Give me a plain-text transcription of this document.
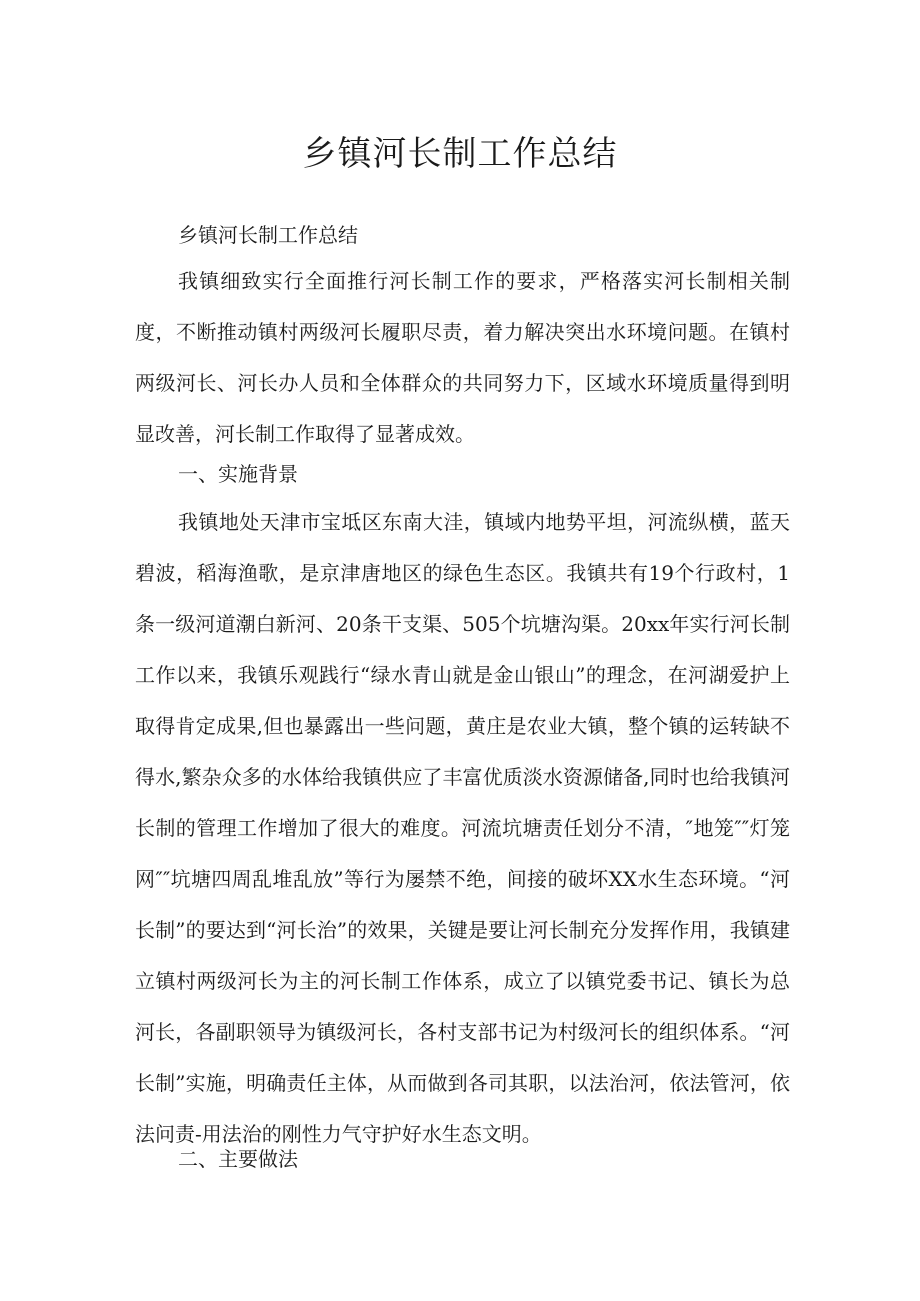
乡镇河长制工作总结

乡镇河长制工作总结

我镇细致实行全面推行河长制工作的要求，严格落实河长制相关制度，不断推动镇村两级河长履职尽责，着力解决突出水环境问题。在镇村两级河长、河长办人员和全体群众的共同努力下，区域水环境质量得到明显改善，河长制工作取得了显著成效。

一、实施背景

我镇地处天津市宝坻区东南大洼，镇域内地势平坦，河流纵横，蓝天碧波，稻海渔歌，是京津唐地区的绿色生态区。我镇共有19个行政村，1条一级河道潮白新河、20条干支渠、505个坑塘沟渠。20xx年实行河长制工作以来，我镇乐观践行“绿水青山就是金山银山”的理念，在河湖爱护上取得肯定成果,但也暴露出一些问题，黄庄是农业大镇，整个镇的运转缺不得水,繁杂众多的水体给我镇供应了丰富优质淡水资源储备,同时也给我镇河长制的管理工作增加了很大的难度。河流坑塘责任划分不清，″地笼″″灯笼网″″坑塘四周乱堆乱放”等行为屡禁不绝，间接的破坏XX水生态环境。“河长制”的要达到“河长治”的效果，关键是要让河长制充分发挥作用，我镇建立镇村两级河长为主的河长制工作体系，成立了以镇党委书记、镇长为总河长，各副职领导为镇级河长，各村支部书记为村级河长的组织体系。“河长制”实施，明确责任主体，从而做到各司其职，以法治河，依法管河，依法问责-用法治的刚性力气守护好水生态文明。

二、主要做法
